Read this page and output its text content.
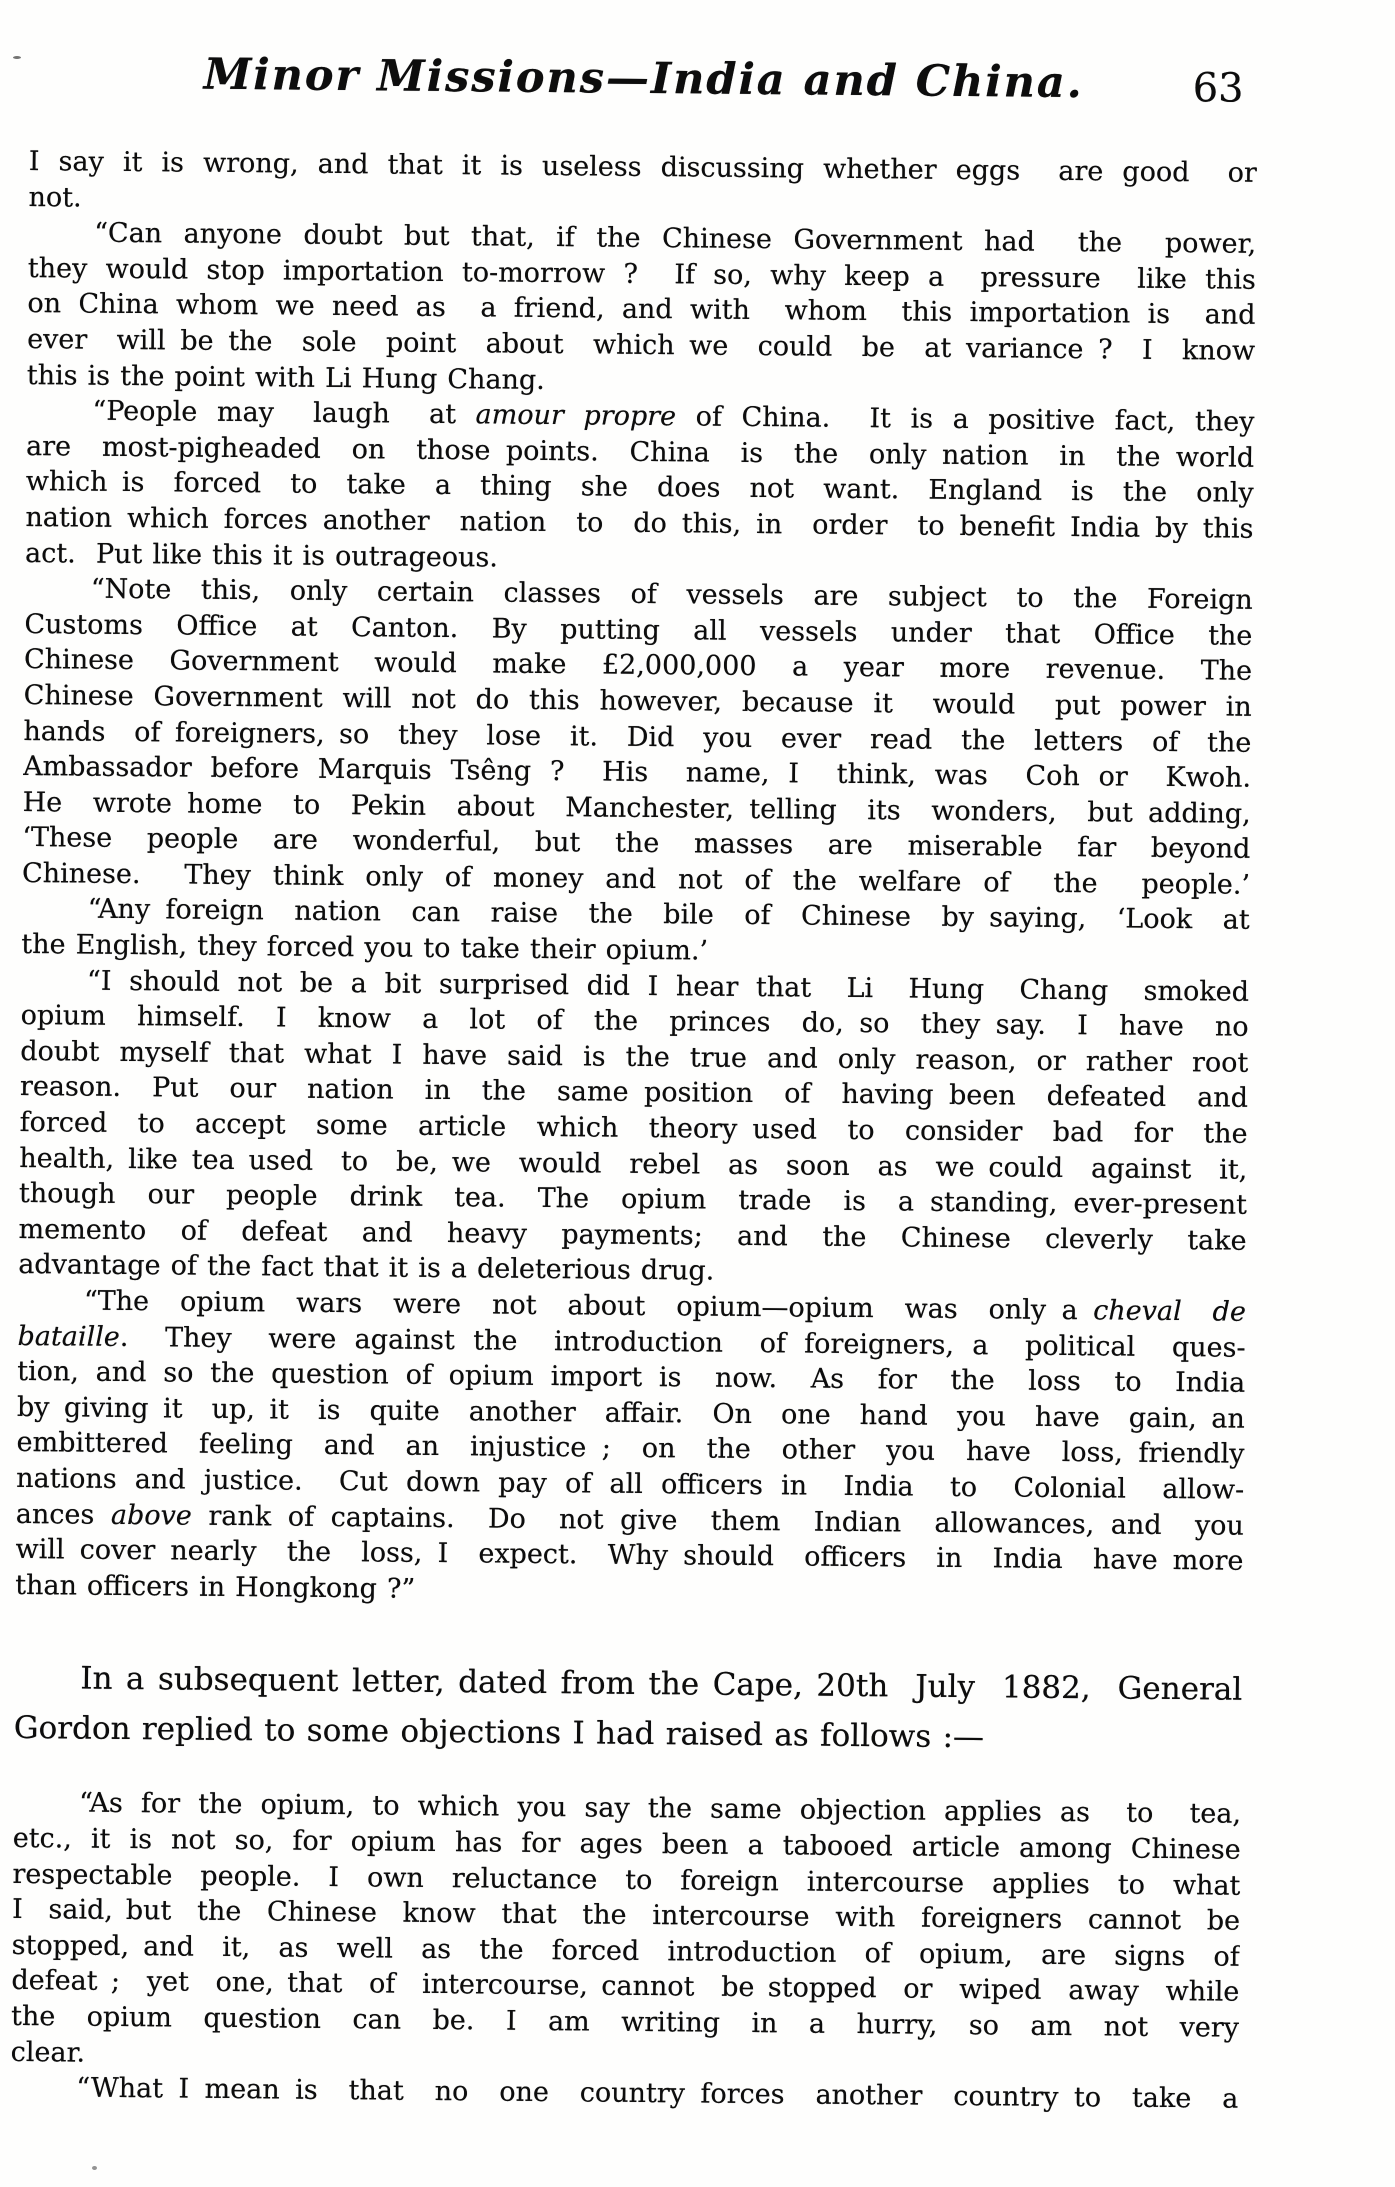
Minor Missions—India and China.	63

I say it is wrong, and that it is useless discussing whether eggs  are good  or
not.

“Can anyone doubt but that, if the Chinese Government had  the  power,
they would stop importation to-morrow ?  If so, why keep a  pressure  like this
on China whom we need as  a friend, and with  whom  this importation is  and
ever  will be the  sole  point  about  which we  could  be  at variance ?  I  know
this is the point with Li Hung Chang.

“People may  laugh  at amour propre of China.  It is a positive fact, they
are  most-pigheaded  on  those points.  China  is  the  only nation  in  the world
which is  forced  to  take  a  thing  she  does  not  want.  England  is  the  only
nation which forces another  nation  to  do this, in  order  to benefit India by this
act.  Put like this it is outrageous.

“Note  this,  only  certain  classes  of  vessels  are  subject  to  the  Foreign
Customs  Office  at  Canton.  By  putting  all  vessels  under  that  Office  the
Chinese  Government  would  make  £2,000,000  a  year  more  revenue.  The
Chinese Government will not do this however, because it  would  put power in
hands  of foreigners, so  they  lose  it.  Did  you  ever  read  the  letters  of  the
Ambassador before Marquis Tsêng ?  His  name, I  think, was  Coh or  Kwoh.
He  wrote home  to  Pekin  about  Manchester, telling  its  wonders,  but adding,
‘These  people  are  wonderful,  but  the  masses  are  miserable  far  beyond
Chinese.  They think only of money and not of the welfare of  the  people.’

“Any foreign  nation  can  raise  the  bile  of  Chinese  by saying,  ‘Look  at
the English, they forced you to take their opium.’

“I should not be a bit surprised did I hear that  Li  Hung  Chang  smoked
opium  himself.  I  know  a  lot  of  the  princes  do, so  they say.  I  have  no
doubt myself that what I have said is the true and only reason, or rather root
reason.  Put  our  nation  in  the  same position  of  having been  defeated  and
forced  to  accept  some  article  which  theory used  to  consider  bad  for  the
health, like tea used  to  be, we  would  rebel  as  soon  as  we could  against  it,
though  our  people  drink  tea.  The  opium  trade  is  a standing, ever-present
memento  of  defeat  and  heavy  payments;  and  the  Chinese  cleverly  take
advantage of the fact that it is a deleterious drug.

“The  opium  wars  were  not  about  opium—opium  was  only a cheval  de
bataille.  They  were against the  introduction  of foreigners, a  political  ques-
tion, and so the question of opium import is  now.  As  for  the  loss  to  India
by giving it  up, it  is  quite  another  affair.  On  one  hand  you  have  gain, an
embittered  feeling  and  an  injustice ;  on  the  other  you  have  loss, friendly
nations and justice.  Cut down pay of all officers in  India  to  Colonial  allow-
ances above rank of captains.  Do  not give  them  Indian  allowances, and  you
will cover nearly  the  loss, I  expect.  Why should  officers  in  India  have more
than officers in Hongkong ?”

In a subsequent letter, dated from the Cape, 20th  July  1882,  General
Gordon replied to some objections I had raised as follows :—

“As for the opium, to which you say the same objection applies as  to  tea,
etc., it is not so, for opium has for ages been a tabooed article among Chinese
respectable  people.  I  own  reluctance  to  foreign  intercourse  applies  to  what
I  said, but  the  Chinese  know  that  the  intercourse  with  foreigners  cannot  be
stopped, and  it,  as  well  as  the  forced  introduction  of  opium,  are  signs  of
defeat ;  yet  one, that  of  intercourse, cannot  be stopped  or  wiped  away  while
the  opium  question  can  be.  I  am  writing  in  a  hurry,  so  am  not  very
clear.

“What I mean is  that  no  one  country forces  another  country to  take  a
